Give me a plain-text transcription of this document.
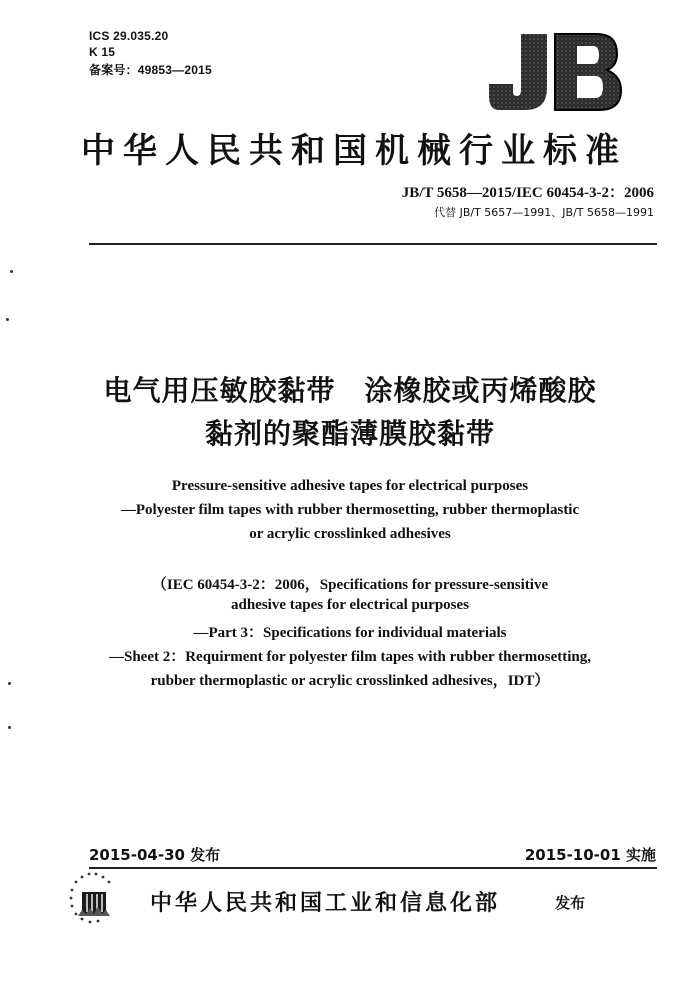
ICS 29.035.20
K 15
备案号：49853—2015
中华人民共和国机械行业标准
JB/T 5658—2015/IEC 60454-3-2：2006
代替 JB/T 5657—1991、JB/T 5658—1991
电气用压敏胶黏带　涂橡胶或丙烯酸胶
黏剂的聚酯薄膜胶黏带
Pressure-sensitive adhesive tapes for electrical purposes
—Polyester film tapes with rubber thermosetting, rubber thermoplastic
or acrylic crosslinked adhesives
（IEC 60454-3-2：2006，Specifications for pressure-sensitive
adhesive tapes for electrical purposes
—Part 3：Specifications for individual materials
—Sheet 2：Requirment for polyester film tapes with rubber thermosetting,
rubber thermoplastic or acrylic crosslinked adhesives，IDT）
2015-04-30 发布	2015-10-01 实施
中华人民共和国工业和信息化部	发布
